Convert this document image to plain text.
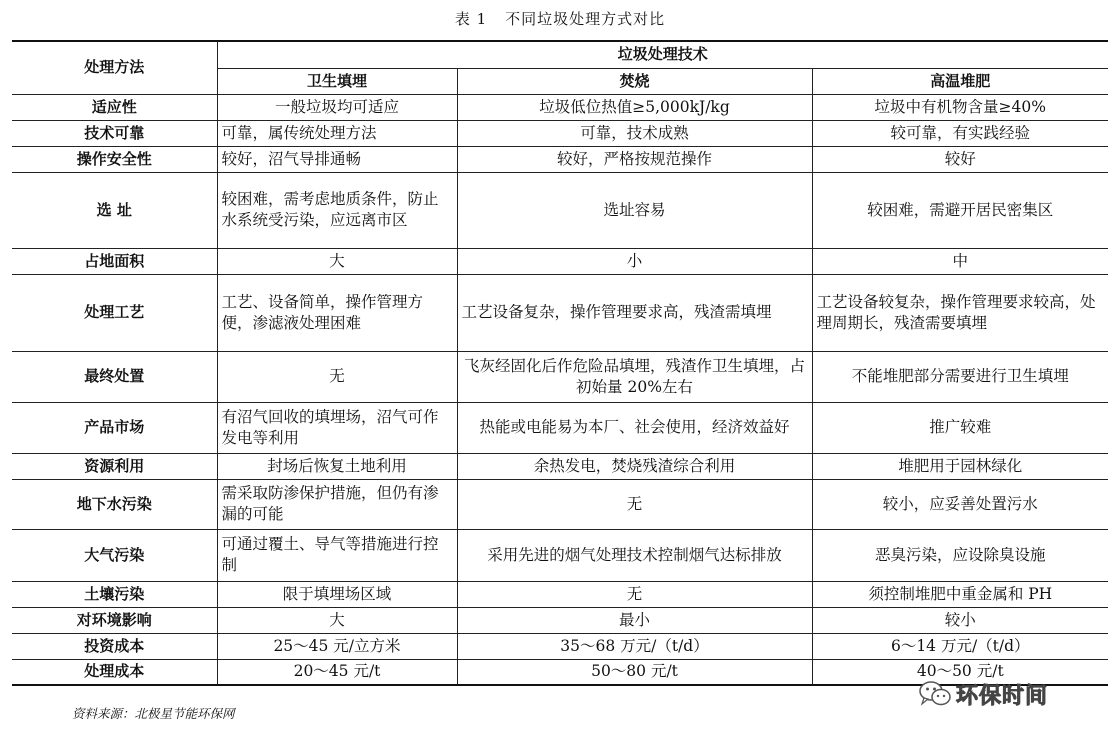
表 1 不同垃圾处理方式对比
处理方法	垃圾处理技术		
	卫生填埋	焚烧	高温堆肥
适应性	一般垃圾均可适应	垃圾低位热值≥5,000kJ/kg	垃圾中有机物含量≥40%
技术可靠	可靠，属传统处理方法	可靠，技术成熟	较可靠，有实践经验
操作安全性	较好，沼气导排通畅	较好，严格按规范操作	较好
选 址	较困难，需考虑地质条件，防止水系统受污染，应远离市区	选址容易	较困难，需避开居民密集区
占地面积	大	小	中
处理工艺	工艺、设备简单，操作管理方便，渗滤液处理困难	工艺设备复杂，操作管理要求高，残渣需填埋	工艺设备较复杂，操作管理要求较高，处理周期长，残渣需要填埋
最终处置	无	飞灰经固化后作危险品填埋，残渣作卫生填埋，占初始量 20%左右	不能堆肥部分需要进行卫生填埋
产品市场	有沼气回收的填埋场，沼气可作发电等利用	热能或电能易为本厂、社会使用，经济效益好	推广较难
资源利用	封场后恢复土地利用	余热发电，焚烧残渣综合利用	堆肥用于园林绿化
地下水污染	需采取防渗保护措施，但仍有渗漏的可能	无	较小，应妥善处置污水
大气污染	可通过覆土、导气等措施进行控制	采用先进的烟气处理技术控制烟气达标排放	恶臭污染，应设除臭设施
土壤污染	限于填埋场区域	无	须控制堆肥中重金属和 PH
对环境影响	大	最小	较小
投资成本	25～45 元/立方米	35～68 万元/（t/d）	6～14 万元/（t/d）
处理成本	20～45 元/t	50～80 元/t	40～50 元/t
资料来源：北极星节能环保网
环保时间
